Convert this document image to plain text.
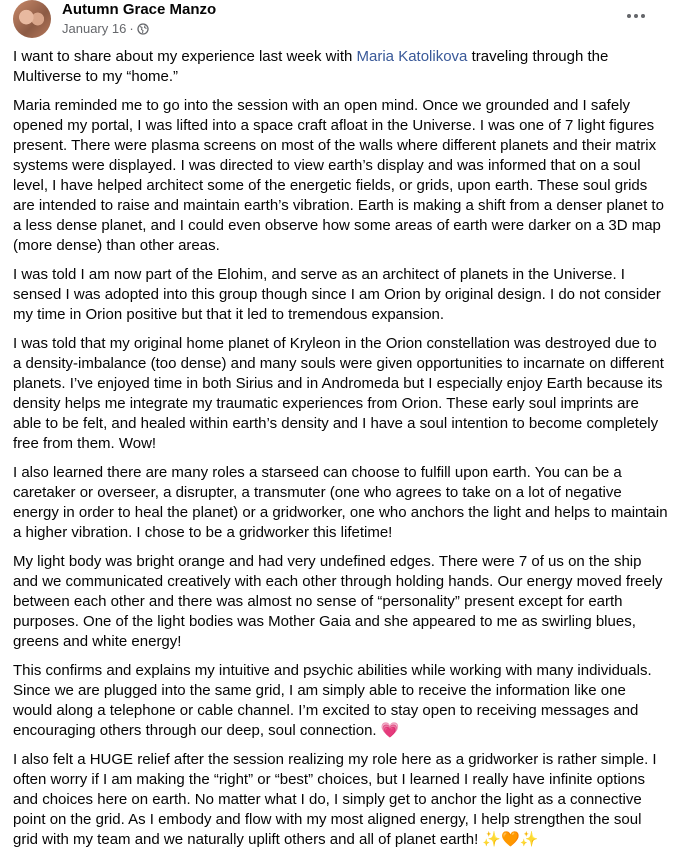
Autumn Grace Manzo
January 16 ·

I want to share about my experience last week with Maria Katolikova traveling through the Multiverse to my “home.”

Maria reminded me to go into the session with an open mind. Once we grounded and I safely opened my portal, I was lifted into a space craft afloat in the Universe. I was one of 7 light figures present. There were plasma screens on most of the walls where different planets and their matrix systems were displayed. I was directed to view earth’s display and was informed that on a soul level, I have helped architect some of the energetic fields, or grids, upon earth. These soul grids are intended to raise and maintain earth’s vibration. Earth is making a shift from a denser planet to a less dense planet, and I could even observe how some areas of earth were darker on a 3D map (more dense) than other areas.

I was told I am now part of the Elohim, and serve as an architect of planets in the Universe. I sensed I was adopted into this group though since I am Orion by original design. I do not consider my time in Orion positive but that it led to tremendous expansion.

I was told that my original home planet of Kryleon in the Orion constellation was destroyed due to a density-imbalance (too dense) and many souls were given opportunities to incarnate on different planets. I’ve enjoyed time in both Sirius and in Andromeda but I especially enjoy Earth because its density helps me integrate my traumatic experiences from Orion. These early soul imprints are able to be felt, and healed within earth’s density and I have a soul intention to become completely free from them. Wow!

I also learned there are many roles a starseed can choose to fulfill upon earth. You can be a caretaker or overseer, a disrupter, a transmuter (one who agrees to take on a lot of negative energy in order to heal the planet) or a gridworker, one who anchors the light and helps to maintain a higher vibration. I chose to be a gridworker this lifetime!

My light body was bright orange and had very undefined edges. There were 7 of us on the ship and we communicated creatively with each other through holding hands. Our energy moved freely between each other and there was almost no sense of “personality” present except for earth purposes. One of the light bodies was Mother Gaia and she appeared to me as swirling blues, greens and white energy!

This confirms and explains my intuitive and psychic abilities while working with many individuals. Since we are plugged into the same grid, I am simply able to receive the information like one would along a telephone or cable channel. I’m excited to stay open to receiving messages and encouraging others through our deep, soul connection. 💗

I also felt a HUGE relief after the session realizing my role here as a gridworker is rather simple. I often worry if I am making the “right” or “best” choices, but I learned I really have infinite options and choices here on earth. No matter what I do, I simply get to anchor the light as a connective point on the grid. As I embody and flow with my most aligned energy, I help strengthen the soul grid with my team and we naturally uplift others and all of planet earth! ✨🧡✨
